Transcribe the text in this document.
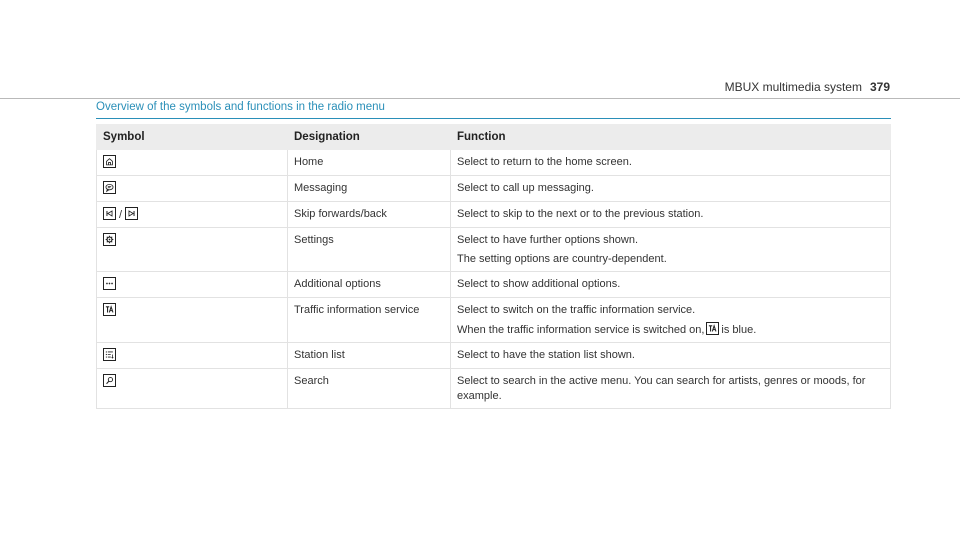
MBUX multimedia system 379
Overview of the symbols and functions in the radio menu
Symbol	Designation	Function

	Home	Select to return to the home screen.

	Messaging	Select to call up messaging.

/	Skip forwards/back	Select to skip to the next or to the previous station.

	Settings	Select to have further options shown.
The setting options are country-dependent.

	Additional options	Select to show additional options.

	Traffic information service	Select to switch on the traffic information service.
When the traffic information service is switched on, is blue.

	Station list	Select to have the station list shown.

	Search	Select to search in the active menu. You can search for artists, genres or moods, for example.
